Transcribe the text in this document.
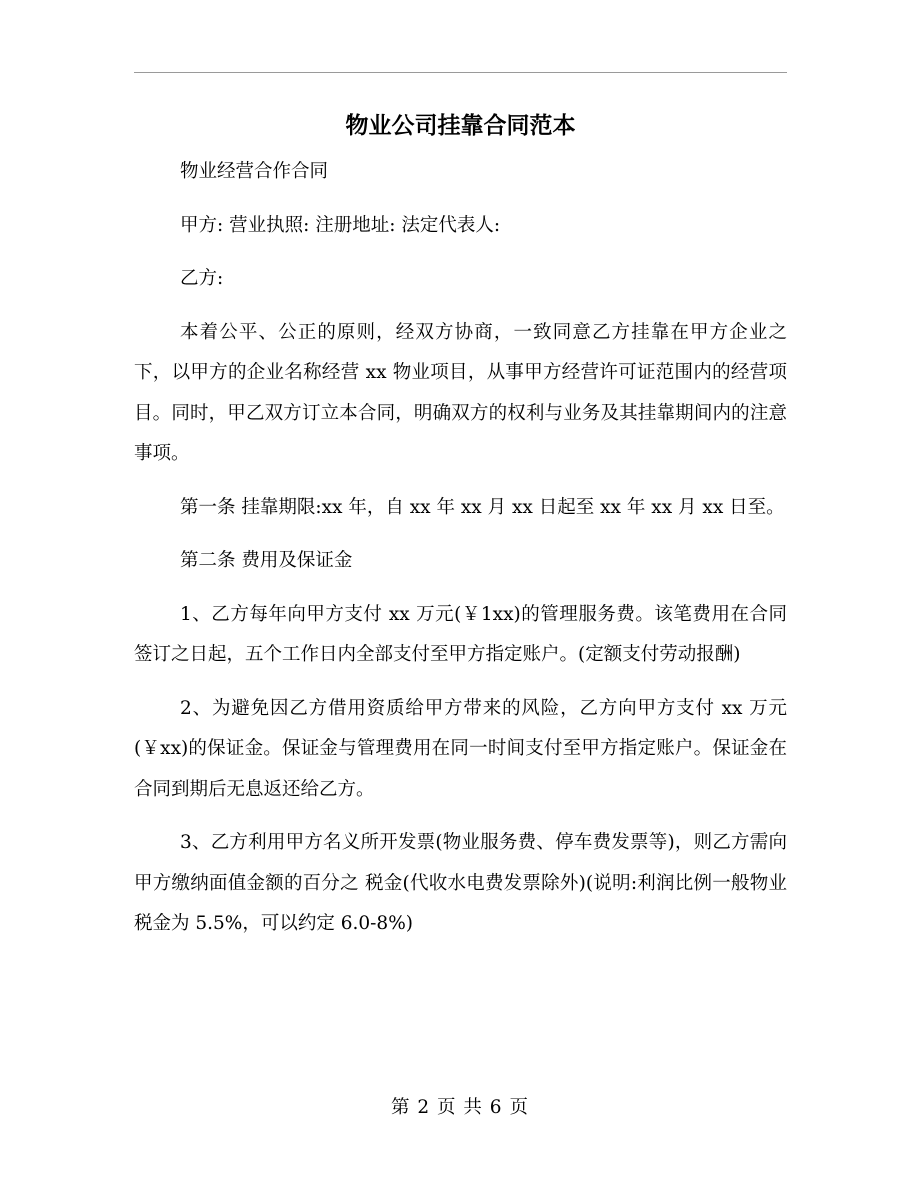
物业公司挂靠合同范本

物业经营合作合同

甲方: 营业执照: 注册地址: 法定代表人:

乙方:

本着公平、公正的原则，经双方协商，一致同意乙方挂靠在甲方企业之下，以甲方的企业名称经营 xx 物业项目，从事甲方经营许可证范围内的经营项目。同时，甲乙双方订立本合同，明确双方的权利与业务及其挂靠期间内的注意事项。

第一条 挂靠期限:xx 年，自 xx 年 xx 月 xx 日起至 xx 年 xx 月 xx 日至。

第二条 费用及保证金

1、乙方每年向甲方支付 xx 万元(￥1xx)的管理服务费。该笔费用在合同签订之日起，五个工作日内全部支付至甲方指定账户。(定额支付劳动报酬)

2、为避免因乙方借用资质给甲方带来的风险，乙方向甲方支付 xx 万元(￥xx)的保证金。保证金与管理费用在同一时间支付至甲方指定账户。保证金在合同到期后无息返还给乙方。

3、乙方利用甲方名义所开发票(物业服务费、停车费发票等)，则乙方需向甲方缴纳面值金额的百分之 税金(代收水电费发票除外)(说明:利润比例一般物业税金为 5.5%，可以约定 6.0-8%)

第 2 页 共 6 页
